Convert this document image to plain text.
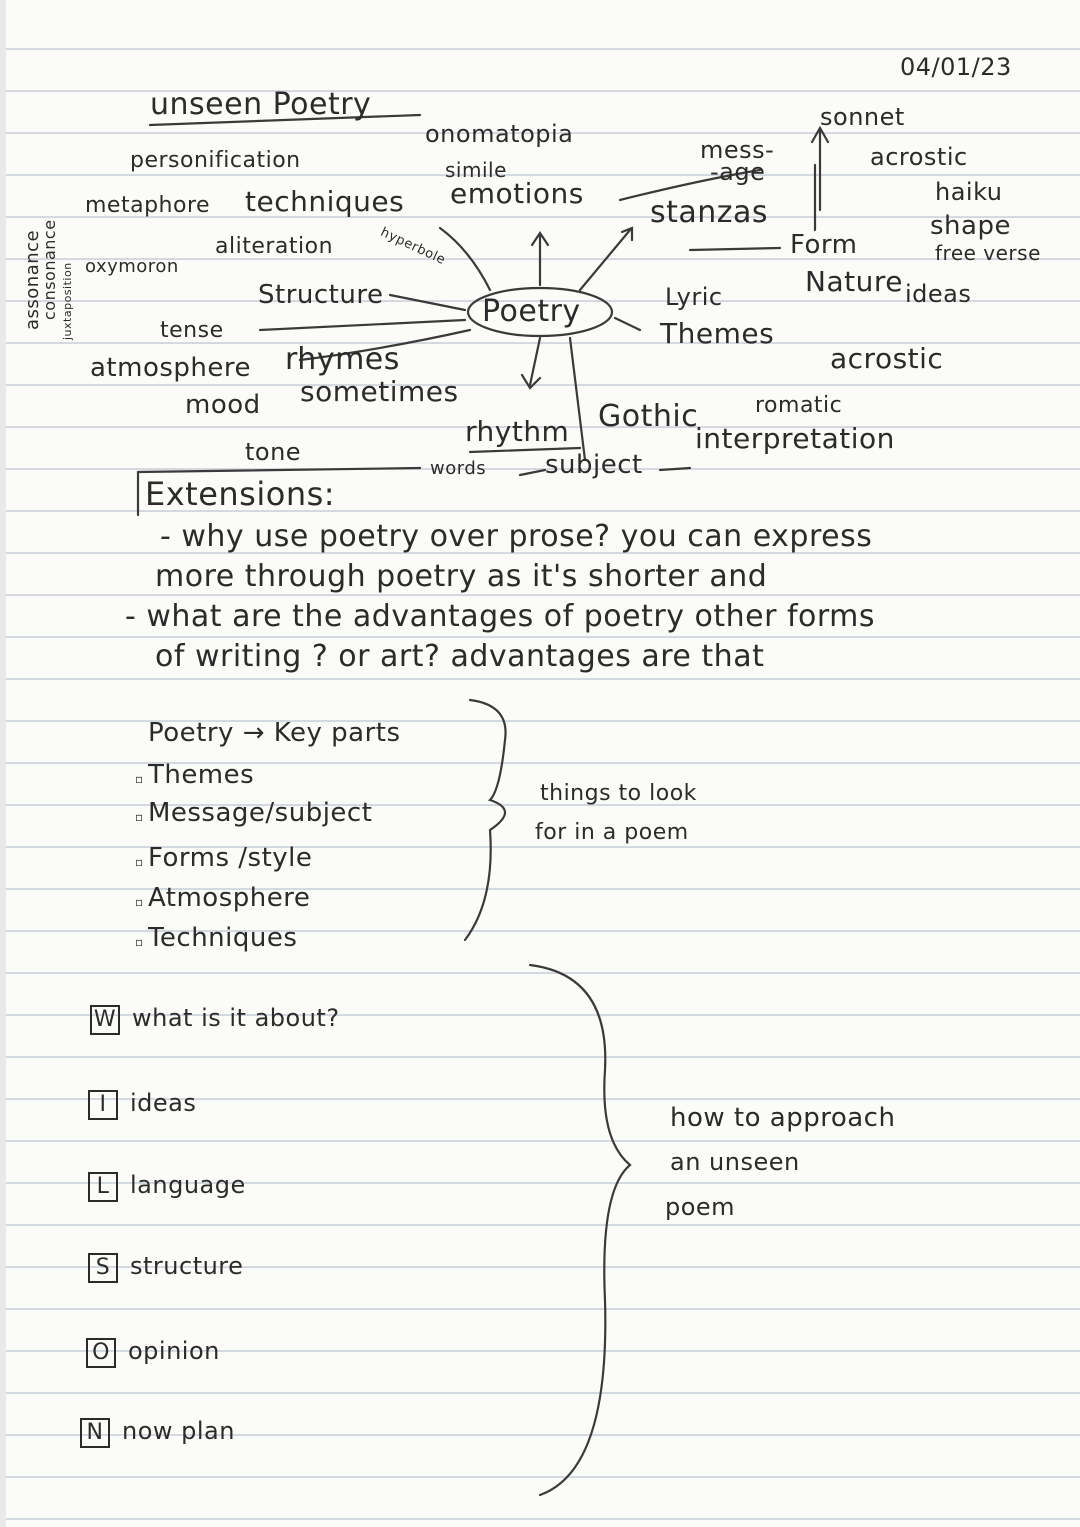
04/01/23
unseen Poetry
personification
onomatopia
simile
metaphore techniques emotions
aliteration	hyperbole
oxymoron
Structure
tense
atmosphere rhymes
mood sometimes
tone
assonance
consonance juxtaposition	Poetry
sonnet
mess-
-age
acrostic
haiku
stanzas	shape
free verse
Form
Lyric	Nature ideas
Themes
acrostic
romatic
Gothic
rhythm
words subject
interpretation
Extensions:
- why use poetry over prose? you can express
more through poetry as it's shorter and
- what are the advantages of poetry other forms
of writing ? or art? advantages are that
Poetry → Key parts
▫ Themes
▫ Message/subject
▫ Forms /style
▫ Atmosphere
▫ Techniques
things to look
for in a poem
W what is it about?
I ideas
L language
S structure
O opinion
N now plan
how to approach
an unseen
poem
